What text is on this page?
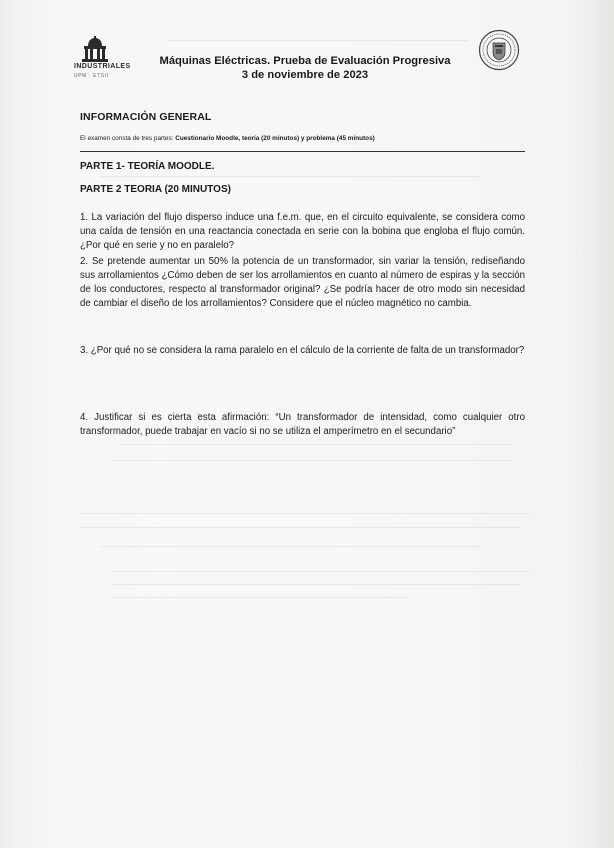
INDUSTRIALES
UPM · ETSII
Máquinas Eléctricas. Prueba de Evaluación Progresiva
3 de noviembre de 2023
INFORMACIÓN GENERAL
El examen consta de tres partes: Cuestionario Moodle, teoría (20 minutos) y problema (45 minutos)
PARTE 1- TEORÍA MOODLE.
PARTE 2 TEORIA (20 MINUTOS)
1. La variación del flujo disperso induce una f.e.m. que, en el circuito equivalente, se considera como una caída de tensión en una reactancia conectada en serie con la bobina que engloba el flujo común. ¿Por qué en serie y no en paralelo?
2. Se pretende aumentar un 50% la potencia de un transformador, sin variar la tensión, rediseñando sus arrollamientos ¿Cómo deben de ser los arrollamientos en cuanto al número de espiras y la sección de los conductores, respecto al transformador original? ¿Se podría hacer de otro modo sin necesidad de cambiar el diseño de los arrollamientos? Considere que el núcleo magnético no cambia.
3. ¿Por qué no se considera la rama paralelo en el cálculo de la corriente de falta de un transformador?
4. Justificar si es cierta esta afirmación: “Un transformador de intensidad, como cualquier otro transformador, puede trabajar en vacío si no se utiliza el amperímetro en el secundario”
